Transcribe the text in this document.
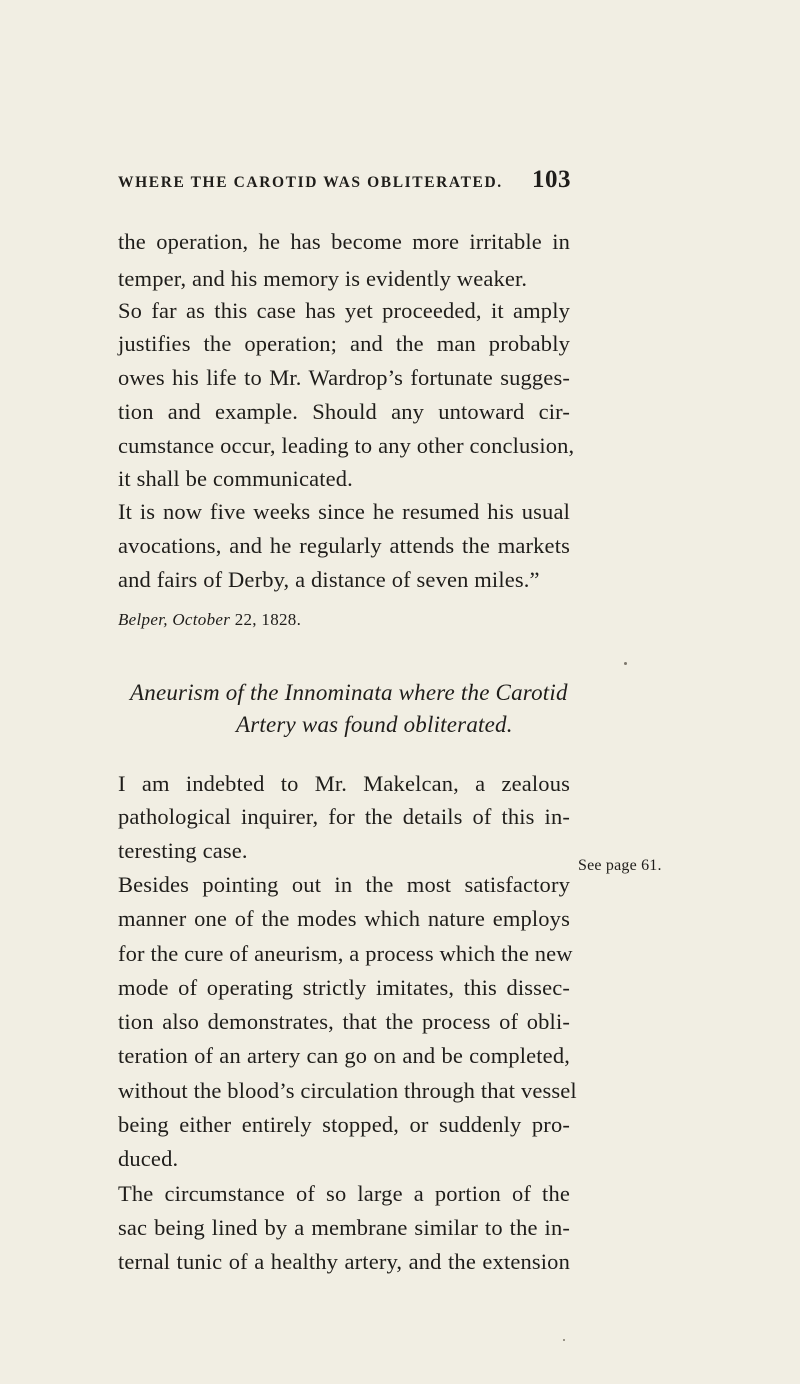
WHERE THE CAROTID WAS OBLITERATED.	103
the operation, he has become more irritable in
temper, and his memory is evidently weaker.
So far as this case has yet proceeded, it amply
justifies the operation; and the man probably
owes his life to Mr. Wardrop’s fortunate sugges-
tion and example. Should any untoward cir-
cumstance occur, leading to any other conclusion,
it shall be communicated.
It is now five weeks since he resumed his usual
avocations, and he regularly attends the markets
and fairs of Derby, a distance of seven miles.”
Belper, October 22, 1828.
Aneurism of the Innominata where the Carotid
Artery was found obliterated.
I am indebted to Mr. Makelcan, a zealous
pathological inquirer, for the details of this in-
teresting case.
Besides pointing out in the most satisfactory
See page 61.
manner one of the modes which nature employs
for the cure of aneurism, a process which the new
mode of operating strictly imitates, this dissec-
tion also demonstrates, that the process of obli-
teration of an artery can go on and be completed,
without the blood’s circulation through that vessel
being either entirely stopped, or suddenly pro-
duced.
The circumstance of so large a portion of the
sac being lined by a membrane similar to the in-
ternal tunic of a healthy artery, and the extension
